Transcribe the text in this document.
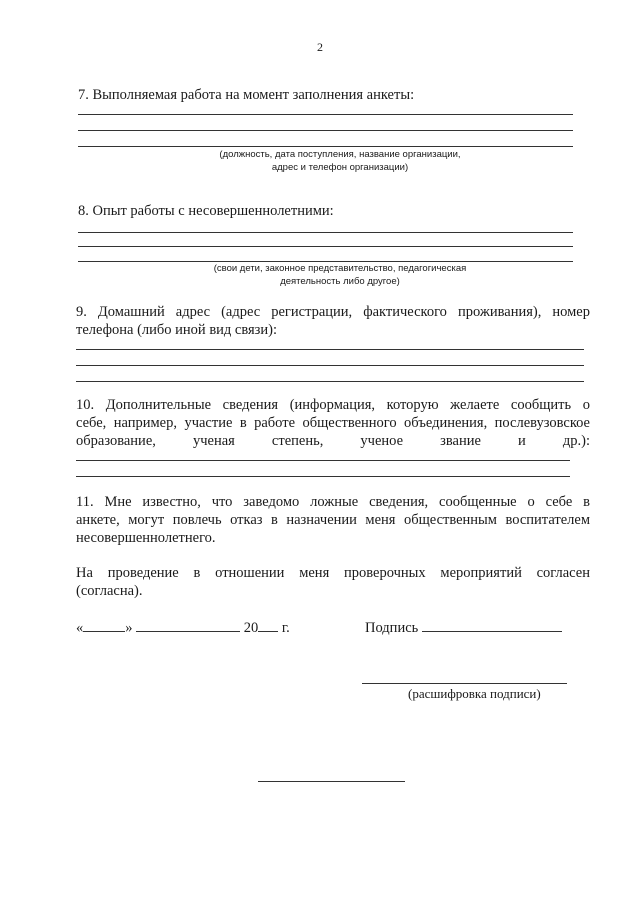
2
7. Выполняемая работа на момент заполнения анкеты:
(должность, дата поступления, название организации,
адрес и телефон организации)
8. Опыт работы с несовершеннолетними:
(свои дети, законное представительство, педагогическая
деятельность либо другое)
9. Домашний адрес (адрес регистрации, фактического проживания), номер
телефона (либо иной вид связи):
10. Дополнительные сведения (информация, которую желаете сообщить о
себе, например, участие в работе общественного объединения, послевузовское
образование, ученая степень, ученое звание и др.):
11. Мне известно, что заведомо ложные сведения, сообщенные о себе в
анкете, могут повлечь отказ в назначении меня общественным воспитателем
несовершеннолетнего.
На проведение в отношении меня проверочных мероприятий согласен
(согласна).
«	»	20 г.	Подпись
(расшифровка подписи)
